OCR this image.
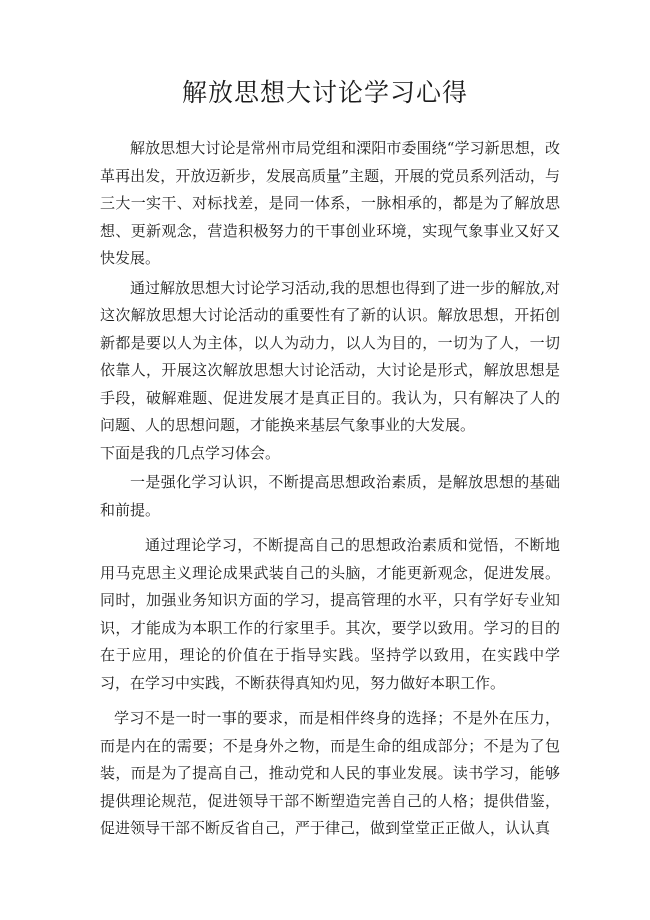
解放思想大讨论学习心得

解放思想大讨论是常州市局党组和溧阳市委围绕“学习新思想，改革再出发，开放迈新步，发展高质量”主题，开展的党员系列活动，与三大一实干、对标找差，是同一体系，一脉相承的，都是为了解放思想、更新观念，营造积极努力的干事创业环境，实现气象事业又好又快发展。

通过解放思想大讨论学习活动,我的思想也得到了进一步的解放,对这次解放思想大讨论活动的重要性有了新的认识。解放思想，开拓创新都是要以人为主体，以人为动力，以人为目的，一切为了人，一切依靠人，开展这次解放思想大讨论活动，大讨论是形式，解放思想是手段，破解难题、促进发展才是真正目的。我认为，只有解决了人的问题、人的思想问题，才能换来基层气象事业的大发展。

下面是我的几点学习体会。

一是强化学习认识，不断提高思想政治素质，是解放思想的基础和前提。

通过理论学习，不断提高自己的思想政治素质和觉悟，不断地用马克思主义理论成果武装自己的头脑，才能更新观念，促进发展。同时，加强业务知识方面的学习，提高管理的水平，只有学好专业知识，才能成为本职工作的行家里手。其次，要学以致用。学习的目的在于应用，理论的价值在于指导实践。坚持学以致用，在实践中学习，在学习中实践，不断获得真知灼见，努力做好本职工作。

学习不是一时一事的要求，而是相伴终身的选择；不是外在压力，而是内在的需要；不是身外之物，而是生命的组成部分；不是为了包装，而是为了提高自己，推动党和人民的事业发展。读书学习，能够提供理论规范，促进领导干部不断塑造完善自己的人格；提供借鉴，促进领导干部不断反省自己，严于律己，做到堂堂正正做人，认认真
